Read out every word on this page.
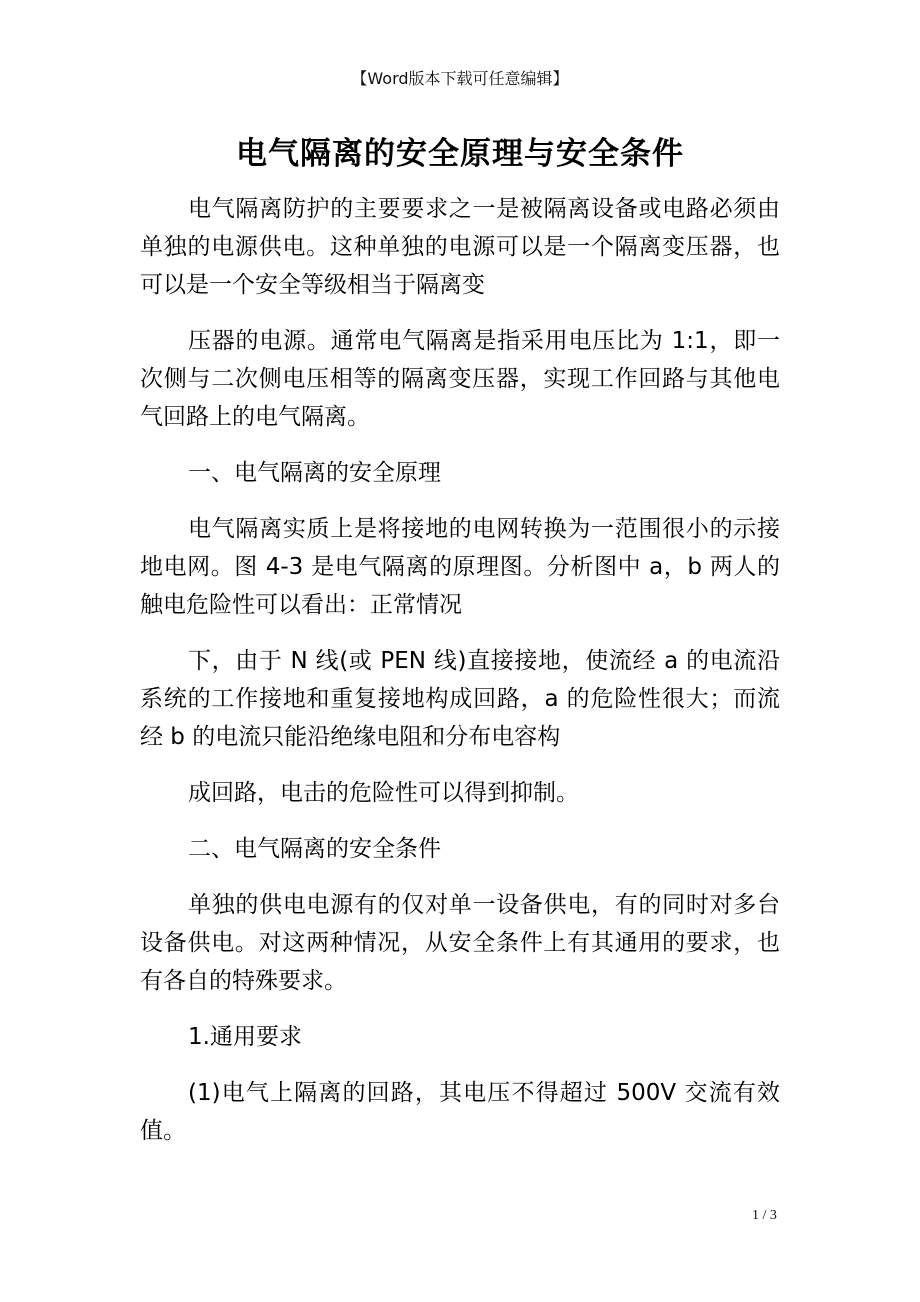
【Word版本下载可任意编辑】
电气隔离的安全原理与安全条件

电气隔离防护的主要要求之一是被隔离设备或电路必须由单独的电源供电。这种单独的电源可以是一个隔离变压器，也可以是一个安全等级相当于隔离变

压器的电源。通常电气隔离是指采用电压比为 1:1，即一次侧与二次侧电压相等的隔离变压器，实现工作回路与其他电气回路上的电气隔离。

一、电气隔离的安全原理

电气隔离实质上是将接地的电网转换为一范围很小的示接地电网。图 4-3 是电气隔离的原理图。分析图中 a，b 两人的触电危险性可以看出：正常情况

下，由于 N 线(或 PEN 线)直接接地，使流经 a 的电流沿系统的工作接地和重复接地构成回路，a 的危险性很大；而流经 b 的电流只能沿绝缘电阻和分布电容构

成回路，电击的危险性可以得到抑制。

二、电气隔离的安全条件

单独的供电电源有的仅对单一设备供电，有的同时对多台设备供电。对这两种情况，从安全条件上有其通用的要求，也有各自的特殊要求。

1.通用要求

(1)电气上隔离的回路，其电压不得超过 500V 交流有效值。

1 / 3
